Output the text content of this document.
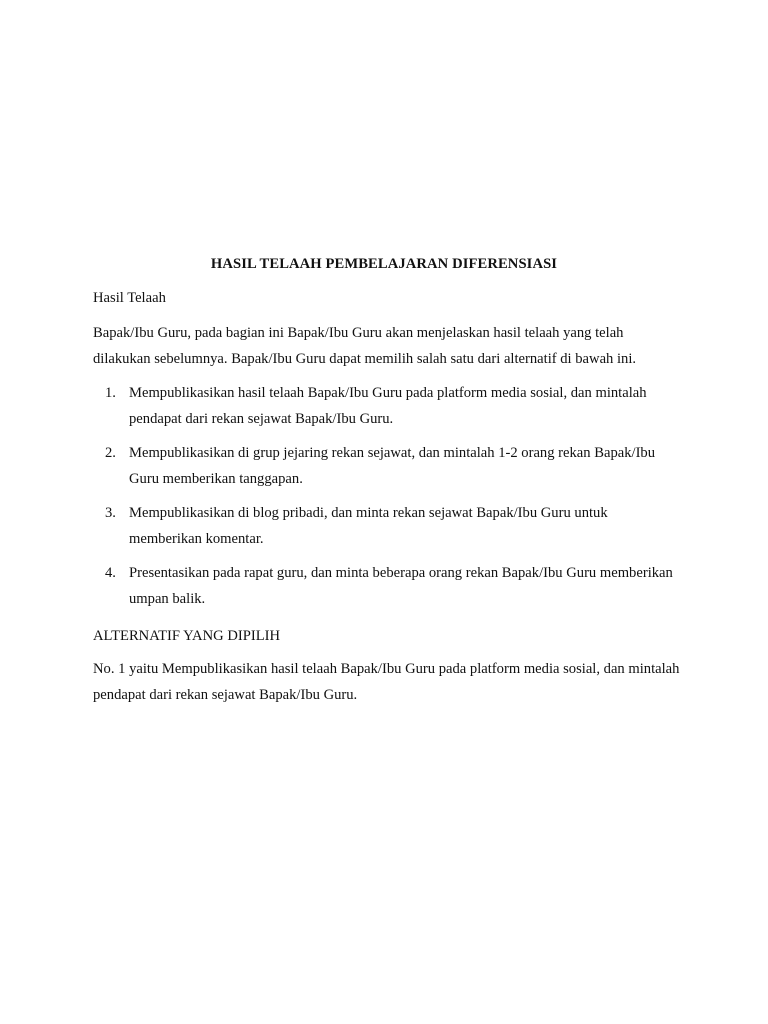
HASIL TELAAH PEMBELAJARAN DIFERENSIASI
Hasil Telaah
Bapak/Ibu Guru, pada bagian ini Bapak/Ibu Guru akan menjelaskan hasil telaah yang telah dilakukan sebelumnya. Bapak/Ibu Guru dapat memilih salah satu dari alternatif di bawah ini.
1. Mempublikasikan hasil telaah Bapak/Ibu Guru pada platform media sosial, dan mintalah pendapat dari rekan sejawat Bapak/Ibu Guru.
2. Mempublikasikan di grup jejaring rekan sejawat, dan mintalah 1-2 orang rekan Bapak/Ibu Guru memberikan tanggapan.
3. Mempublikasikan di blog pribadi, dan minta rekan sejawat Bapak/Ibu Guru untuk memberikan komentar.
4. Presentasikan pada rapat guru, dan minta beberapa orang rekan Bapak/Ibu Guru memberikan umpan balik.
ALTERNATIF YANG DIPILIH
No. 1 yaitu Mempublikasikan hasil telaah Bapak/Ibu Guru pada platform media sosial, dan mintalah pendapat dari rekan sejawat Bapak/Ibu Guru.
